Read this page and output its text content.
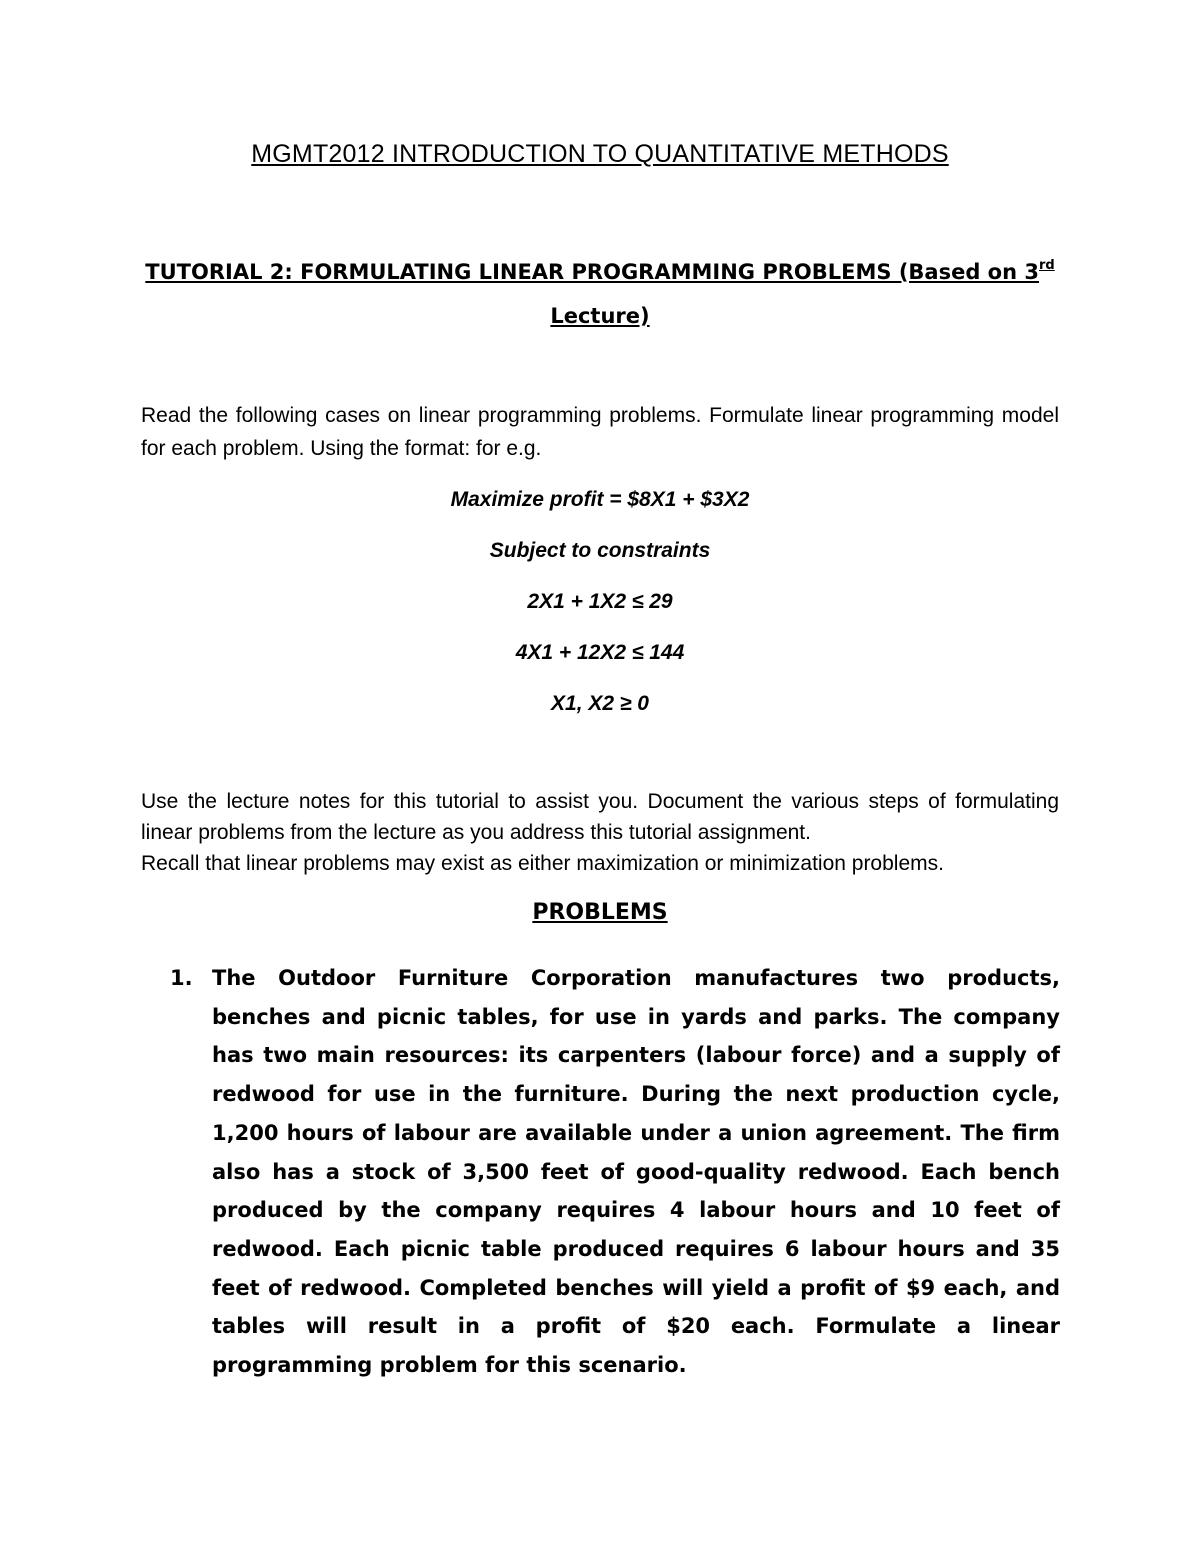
MGMT2012 INTRODUCTION TO QUANTITATIVE METHODS
TUTORIAL 2: FORMULATING LINEAR PROGRAMMING PROBLEMS (Based on 3rd
Lecture)

Read the following cases on linear programming problems. Formulate linear programming model for each problem. Using the format: for e.g.

Maximize profit = $8X1 + $3X2
Subject to constraints
2X1 + 1X2 ≤ 29
4X1 + 12X2 ≤ 144
X1, X2 ≥ 0

Use the lecture notes for this tutorial to assist you. Document the various steps of formulating linear problems from the lecture as you address this tutorial assignment.
Recall that linear problems may exist as either maximization or minimization problems.

PROBLEMS
1. The Outdoor Furniture Corporation manufactures two products, benches and picnic tables, for use in yards and parks. The company has two main resources: its carpenters (labour force) and a supply of redwood for use in the furniture. During the next production cycle, 1,200 hours of labour are available under a union agreement. The firm also has a stock of 3,500 feet of good-quality redwood. Each bench produced by the company requires 4 labour hours and 10 feet of redwood. Each picnic table produced requires 6 labour hours and 35 feet of redwood. Completed benches will yield a profit of $9 each, and tables will result in a profit of $20 each. Formulate a linear programming problem for this scenario.
